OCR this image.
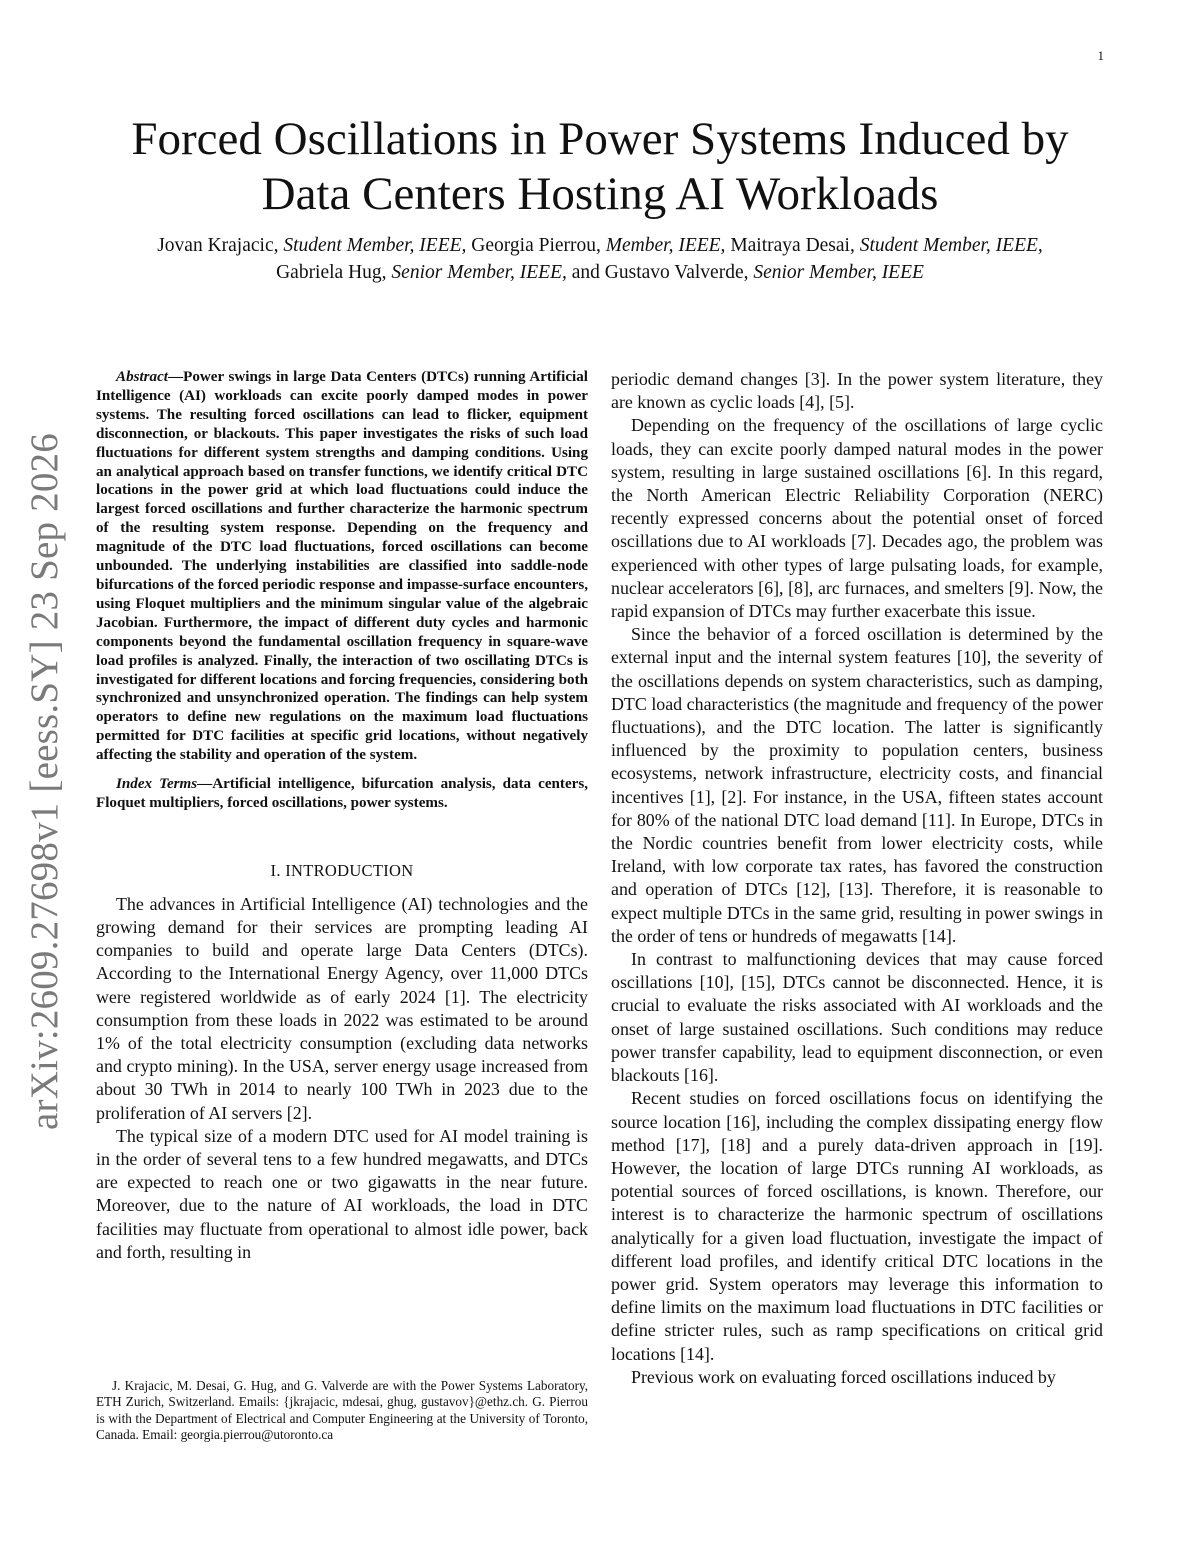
1
arXiv:2609.27698v1 [eess.SY] 23 Sep 2026
Forced Oscillations in Power Systems Induced by
Data Centers Hosting AI Workloads
Jovan Krajacic, Student Member, IEEE, Georgia Pierrou, Member, IEEE, Maitraya Desai, Student Member, IEEE,
Gabriela Hug, Senior Member, IEEE, and Gustavo Valverde, Senior Member, IEEE

Abstract—Power swings in large Data Centers (DTCs) running Artificial Intelligence (AI) workloads can excite poorly damped modes in power systems. The resulting forced oscillations can lead to flicker, equipment disconnection, or blackouts. This paper investigates the risks of such load fluctuations for different system strengths and damping conditions. Using an analytical approach based on transfer functions, we identify critical DTC locations in the power grid at which load fluctuations could induce the largest forced oscillations and further characterize the harmonic spectrum of the resulting system response. Depending on the frequency and magnitude of the DTC load fluctuations, forced oscillations can become unbounded. The underlying instabilities are classified into saddle-node bifurcations of the forced periodic response and impasse-surface encounters, using Floquet multipliers and the minimum singular value of the algebraic Jacobian. Furthermore, the impact of different duty cycles and harmonic components beyond the fundamental oscillation frequency in square-wave load profiles is analyzed. Finally, the interaction of two oscillating DTCs is investigated for different locations and forcing frequencies, considering both synchronized and unsynchronized operation. The findings can help system operators to define new regulations on the maximum load fluctuations permitted for DTC facilities at specific grid locations, without negatively affecting the stability and operation of the system.

Index Terms—Artificial intelligence, bifurcation analysis, data centers, Floquet multipliers, forced oscillations, power systems.

I. INTRODUCTION

The advances in Artificial Intelligence (AI) technologies and the growing demand for their services are prompting leading AI companies to build and operate large Data Centers (DTCs). According to the International Energy Agency, over 11,000 DTCs were registered worldwide as of early 2024 [1]. The electricity consumption from these loads in 2022 was estimated to be around 1% of the total electricity consumption (excluding data networks and crypto mining). In the USA, server energy usage increased from about 30 TWh in 2014 to nearly 100 TWh in 2023 due to the proliferation of AI servers [2].

The typical size of a modern DTC used for AI model training is in the order of several tens to a few hundred megawatts, and DTCs are expected to reach one or two gigawatts in the near future. Moreover, due to the nature of AI workloads, the load in DTC facilities may fluctuate from operational to almost idle power, back and forth, resulting in

periodic demand changes [3]. In the power system literature, they are known as cyclic loads [4], [5].

Depending on the frequency of the oscillations of large cyclic loads, they can excite poorly damped natural modes in the power system, resulting in large sustained oscillations [6]. In this regard, the North American Electric Reliability Corporation (NERC) recently expressed concerns about the potential onset of forced oscillations due to AI workloads [7]. Decades ago, the problem was experienced with other types of large pulsating loads, for example, nuclear accelerators [6], [8], arc furnaces, and smelters [9]. Now, the rapid expansion of DTCs may further exacerbate this issue.

Since the behavior of a forced oscillation is determined by the external input and the internal system features [10], the severity of the oscillations depends on system characteristics, such as damping, DTC load characteristics (the magnitude and frequency of the power fluctuations), and the DTC location. The latter is significantly influenced by the proximity to population centers, business ecosystems, network infrastructure, electricity costs, and financial incentives [1], [2]. For instance, in the USA, fifteen states account for 80% of the national DTC load demand [11]. In Europe, DTCs in the Nordic countries benefit from lower electricity costs, while Ireland, with low corporate tax rates, has favored the construction and operation of DTCs [12], [13]. Therefore, it is reasonable to expect multiple DTCs in the same grid, resulting in power swings in the order of tens or hundreds of megawatts [14].

In contrast to malfunctioning devices that may cause forced oscillations [10], [15], DTCs cannot be disconnected. Hence, it is crucial to evaluate the risks associated with AI workloads and the onset of large sustained oscillations. Such conditions may reduce power transfer capability, lead to equipment disconnection, or even blackouts [16].

Recent studies on forced oscillations focus on identifying the source location [16], including the complex dissipating energy flow method [17], [18] and a purely data-driven approach in [19]. However, the location of large DTCs running AI workloads, as potential sources of forced oscillations, is known. Therefore, our interest is to characterize the harmonic spectrum of oscillations analytically for a given load fluctuation, investigate the impact of different load profiles, and identify critical DTC locations in the power grid. System operators may leverage this information to define limits on the maximum load fluctuations in DTC facilities or define stricter rules, such as ramp specifications on critical grid locations [14].

Previous work on evaluating forced oscillations induced by

J. Krajacic, M. Desai, G. Hug, and G. Valverde are with the Power Systems Laboratory, ETH Zurich, Switzerland. Emails: {jkrajacic, mdesai, ghug, gustavov}@ethz.ch. G. Pierrou is with the Department of Electrical and Computer Engineering at the University of Toronto, Canada. Email: georgia.pierrou@utoronto.ca
